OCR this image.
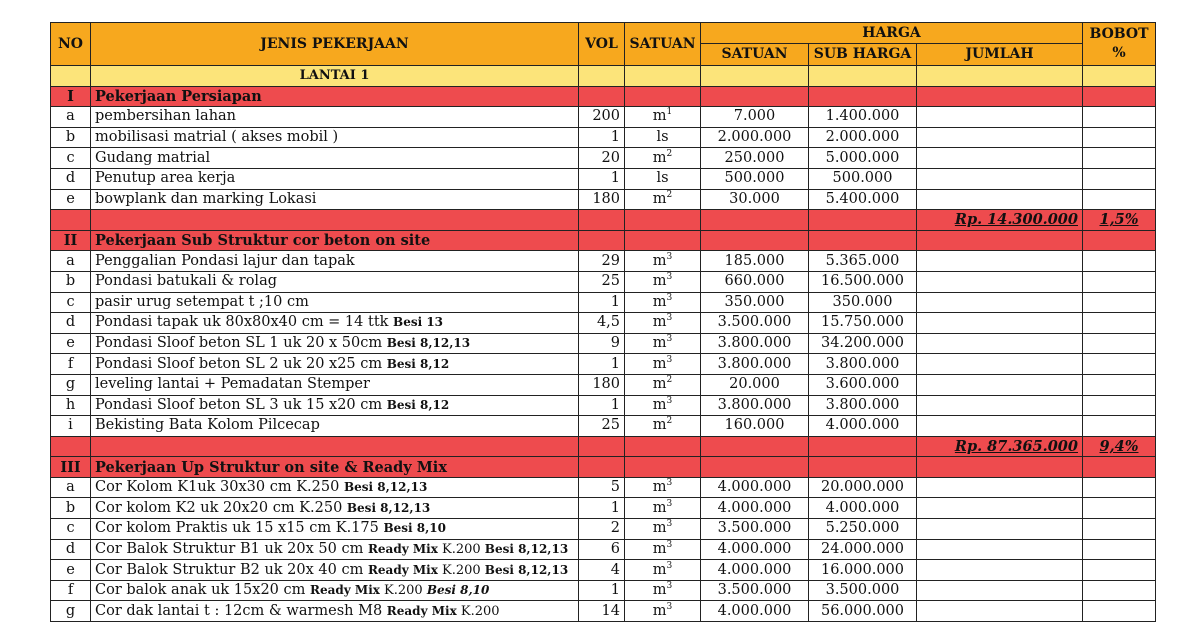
NO	JENIS PEKERJAAN	VOL	SATUAN	HARGA			BOBOT
%
				SATUAN	SUB HARGA	JUMLAH	
	LANTAI 1						
I	Pekerjaan Persiapan						
a	pembersihan lahan	200	$m^1$	7.000	1.400.000		
b	mobilisasi matrial ( akses mobil )	1	ls	2.000.000	2.000.000		
c	Gudang matrial	20	$m^2$	250.000	5.000.000		
d	Penutup area kerja	1	ls	500.000	500.000		
e	bowplank dan marking Lokasi	180	$m^2$	30.000	5.400.000		
						Rp. 14.300.000	1,5%
II	Pekerjaan Sub Struktur cor beton on site						
a	Penggalian Pondasi lajur dan tapak	29	$m^3$	185.000	5.365.000		
b	Pondasi batukali & rolag	25	$m^3$	660.000	16.500.000		
c	pasir urug setempat t ;10 cm	1	$m^3$	350.000	350.000		
d	Pondasi tapak uk 80x80x40 cm = 14 ttk Besi 13	4,5	$m^3$	3.500.000	15.750.000		
e	Pondasi Sloof beton SL 1 uk 20 x 50cm Besi 8,12,13	9	$m^3$	3.800.000	34.200.000		
f	Pondasi Sloof beton SL 2 uk 20 x25 cm Besi 8,12	1	$m^3$	3.800.000	3.800.000		
g	leveling lantai + Pemadatan Stemper	180	$m^2$	20.000	3.600.000		
h	Pondasi Sloof beton SL 3 uk 15 x20 cm Besi 8,12	1	$m^3$	3.800.000	3.800.000		
i	Bekisting Bata Kolom Pilcecap	25	$m^2$	160.000	4.000.000		
						Rp. 87.365.000	9,4%
III	Pekerjaan Up Struktur on site & Ready Mix						
a	Cor Kolom K1uk 30x30 cm K.250 Besi 8,12,13	5	$m^3$	4.000.000	20.000.000		
b	Cor kolom K2 uk 20x20 cm K.250 Besi 8,12,13	1	$m^3$	4.000.000	4.000.000		
c	Cor kolom Praktis uk 15 x15 cm K.175 Besi 8,10	2	$m^3$	3.500.000	5.250.000		
d	Cor Balok Struktur B1 uk 20x 50 cm Ready Mix K.200 Besi 8,12,13	6	$m^3$	4.000.000	24.000.000		
e	Cor Balok Struktur B2 uk 20x 40 cm Ready Mix K.200 Besi 8,12,13	4	$m^3$	4.000.000	16.000.000		
f	Cor balok anak uk 15x20 cm Ready Mix K.200 Besi 8,10	1	$m^3$	3.500.000	3.500.000		
g	Cor dak lantai t : 12cm & warmesh M8 Ready Mix K.200	14	$m^3$	4.000.000	56.000.000		
